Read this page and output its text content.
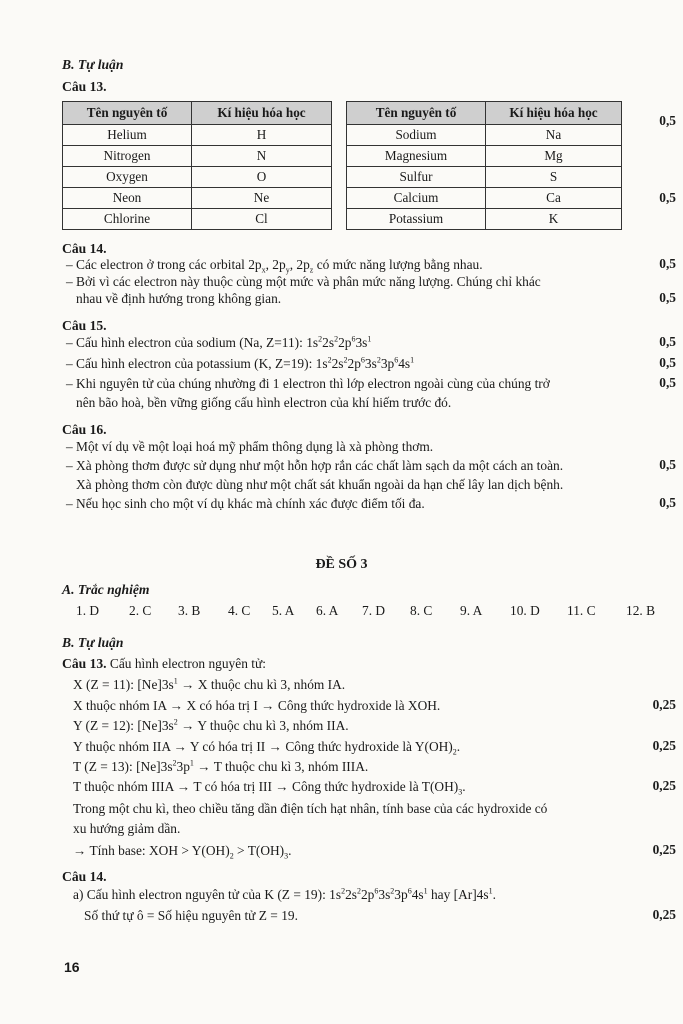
B. Tự luận
Câu 13.
Tên nguyên tố	Kí hiệu hóa học
Helium	H
Nitrogen	N
Oxygen	O
Neon	Ne
Chlorine	Cl
Tên nguyên tố	Kí hiệu hóa học
Sodium	Na
Magnesium	Mg
Sulfur	S
Calcium	Ca
Potassium	K
0,5
0,5
Câu 14.
– Các electron ở trong các orbital $2p_x$, $2p_y$, $2p_z$ có mức năng lượng bằng nhau.	0,5
– Bởi vì các electron này thuộc cùng một mức và phân mức năng lượng. Chúng chỉ khác
nhau về định hướng trong không gian.	0,5
Câu 15.
– Cấu hình electron của sodium (Na, Z=11): $1s^22s^22p^63s^1$	0,5
– Cấu hình electron của potassium (K, Z=19): $1s^22s^22p^63s^23p^64s^1$	0,5
– Khi nguyên tử của chúng nhường đi 1 electron thì lớp electron ngoài cùng của chúng trở	0,5
nên bão hoà, bền vững giống cấu hình electron của khí hiếm trước đó.
Câu 16.
– Một ví dụ về một loại hoá mỹ phẩm thông dụng là xà phòng thơm.
– Xà phòng thơm được sử dụng như một hỗn hợp rắn các chất làm sạch da một cách an toàn.	0,5
Xà phòng thơm còn được dùng như một chất sát khuẩn ngoài da hạn chế lây lan dịch bệnh.
– Nếu học sinh cho một ví dụ khác mà chính xác được điểm tối đa.	0,5
ĐỀ SỐ 3
A. Trắc nghiệm
1. D 2. C 3. B 4. C 5. A 6. A 7. D 8. C 9. A 10. D 11. C 12. B
B. Tự luận
Câu 13. Cấu hình electron nguyên tử:
X (Z = 11): $[Ne]3s^1 \to X$ thuộc chu kì 3, nhóm IA.
X thuộc nhóm IA → X có hóa trị I → Công thức hydroxide là XOH.	0,25
Y (Z = 12): $[Ne]3s^2 \to Y$ thuộc chu kì 3, nhóm IIA.
Y thuộc nhóm IIA → Y có hóa trị II → Công thức hydroxide là $Y(OH)_2$.	0,25
T (Z = 13): $[Ne]3s^23p^1 \to T$ thuộc chu kì 3, nhóm IIIA.
T thuộc nhóm IIIA → T có hóa trị III → Công thức hydroxide là $T(OH)_3$.	0,25
Trong một chu kì, theo chiều tăng dần điện tích hạt nhân, tính base của các hydroxide có
xu hướng giảm dần.
→ Tính base: XOH > $Y(OH)_2 > T(OH)_3$.	0,25
Câu 14.
a) Cấu hình electron nguyên tử của K (Z = 19): $1s^22s^22p^63s^23p^64s^1$ hay $[Ar]4s^1$.
Số thứ tự ô = Số hiệu nguyên tử Z = 19.	0,25
16
